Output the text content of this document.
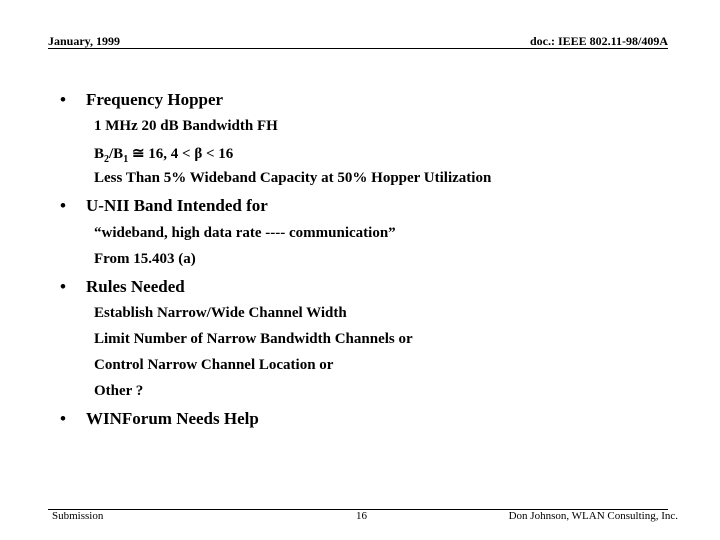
January, 1999	doc.: IEEE 802.11-98/409A
• Frequency Hopper
1 MHz 20 dB Bandwidth FH
$B_2/B_1$ ≅ 16, 4 < β < 16
Less Than 5% Wideband Capacity at 50% Hopper Utilization
• U-NII Band Intended for
“wideband, high data rate ---- communication”
From 15.403 (a)
• Rules Needed
Establish Narrow/Wide Channel Width
Limit Number of Narrow Bandwidth Channels or
Control Narrow Channel Location or
Other ?
• WINForum Needs Help
Submission	16	Don Johnson, WLAN Consulting, Inc.
